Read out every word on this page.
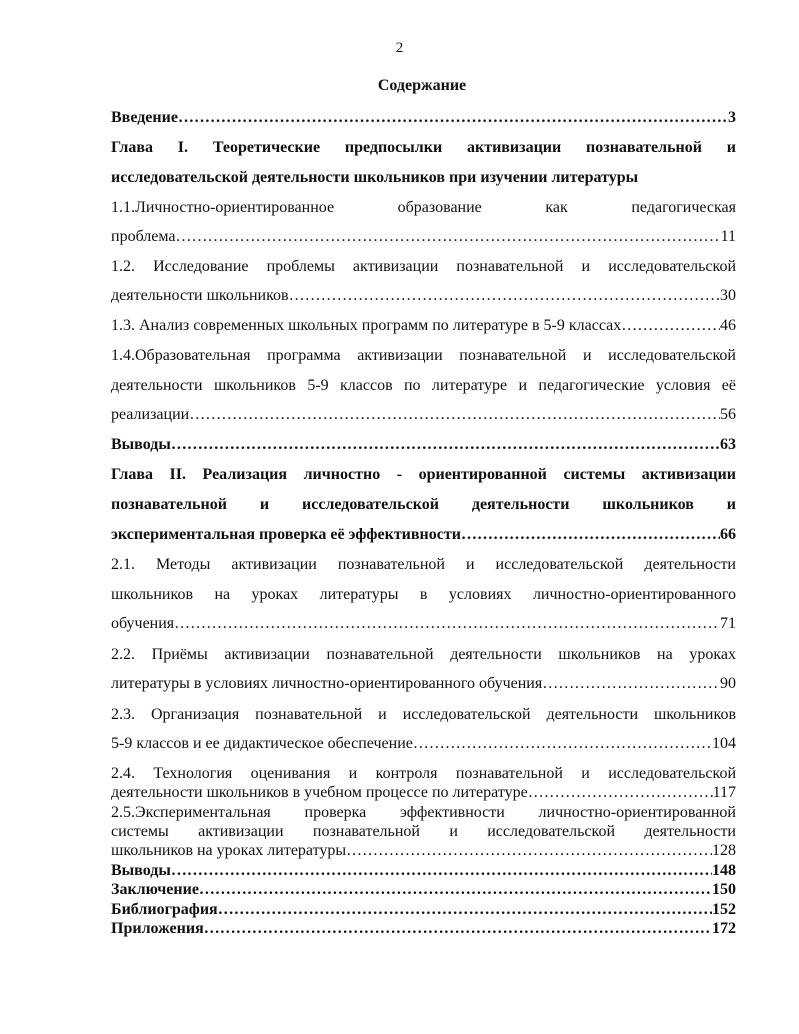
2
Содержание
Введение ……………………………………………………………………………………………………………………………………………………………………………	3
Глава I. Теоретические предпосылки активизации познавательной и
исследовательской деятельности школьников при изучении литературы
1.1.Личностно-ориентированное образование как педагогическая
проблема ……………………………………………………………………………………………………………………………………………………………………………	11
1.2. Исследование проблемы активизации познавательной и исследовательской
деятельности школьников ……………………………………………………………………………………………………………………………………………………………………………	30
1.3. Анализ современных школьных программ по литературе в 5-9 классах ……………………………………………………………………………………………………………………………………………………………………………	46
1.4.Образовательная программа активизации познавательной и исследовательской
деятельности школьников 5-9 классов по литературе и педагогические условия её
реализации ……………………………………………………………………………………………………………………………………………………………………………	56
Выводы ……………………………………………………………………………………………………………………………………………………………………………	63
Глава II. Реализация личностно - ориентированной системы активизации
познавательной и исследовательской деятельности школьников и
экспериментальная проверка её эффективности ……………………………………………………………………………………………………………………………………………………………………………	66
2.1. Методы активизации познавательной и исследовательской деятельности
школьников на уроках литературы в условиях личностно-ориентированного
обучения ……………………………………………………………………………………………………………………………………………………………………………	71
2.2. Приёмы активизации познавательной деятельности школьников на уроках
литературы в условиях личностно-ориентированного обучения ……………………………………………………………………………………………………………………………………………………………………………	90
2.3. Организация познавательной и исследовательской деятельности школьников
5-9 классов и ее дидактическое обеспечение ……………………………………………………………………………………………………………………………………………………………………………	104
2.4. Технология оценивания и контроля познавательной и исследовательской
деятельности школьников в учебном процессе по литературе ……………………………………………………………………………………………………………………………………………………………………………	117
2.5.Экспериментальная проверка эффективности личностно-ориентированной
системы активизации познавательной и исследовательской деятельности
школьников на уроках литературы ……………………………………………………………………………………………………………………………………………………………………………	128
Выводы ……………………………………………………………………………………………………………………………………………………………………………	148
Заключение ……………………………………………………………………………………………………………………………………………………………………………	150
Библиография ……………………………………………………………………………………………………………………………………………………………………………	152
Приложения ……………………………………………………………………………………………………………………………………………………………………………	172
